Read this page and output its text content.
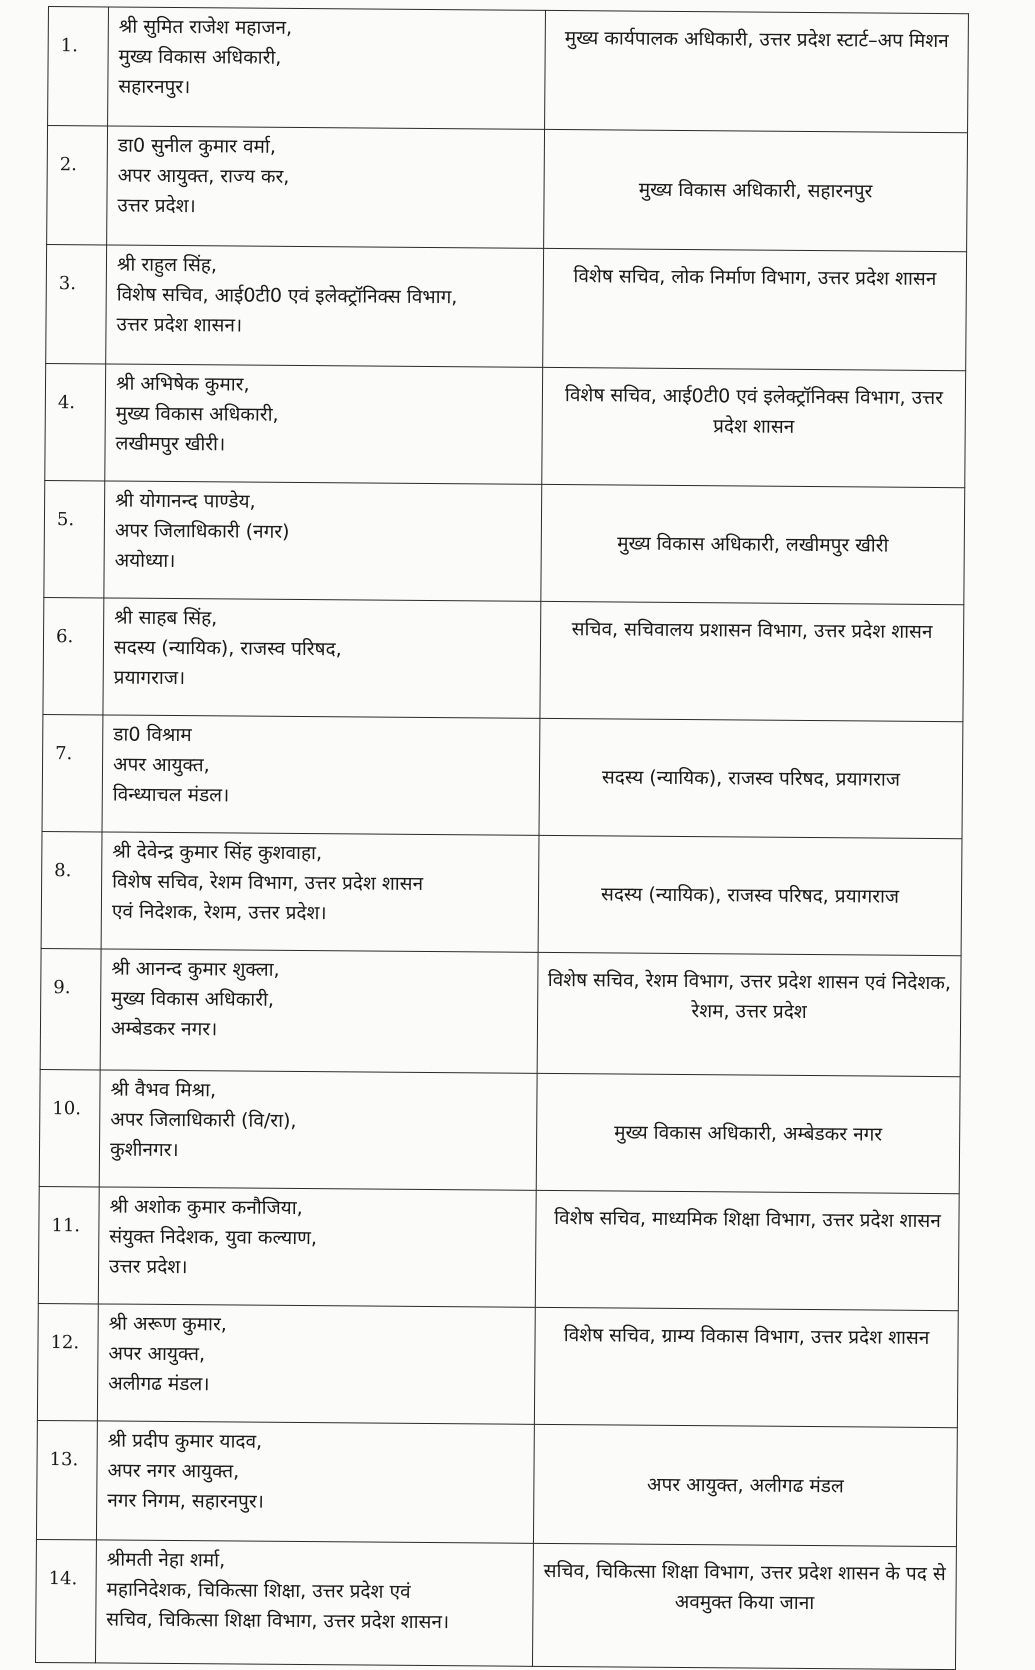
1.	श्री सुमित राजेश महाजन,
मुख्य विकास अधिकारी,
सहारनपुर।	मुख्य कार्यपालक अधिकारी, उत्तर प्रदेश स्टार्ट–अप मिशन
2.	डा0 सुनील कुमार वर्मा,
अपर आयुक्त, राज्य कर,
उत्तर प्रदेश।	मुख्य विकास अधिकारी, सहारनपुर
3.	श्री राहुल सिंह,
विशेष सचिव, आई0टी0 एवं इलेक्ट्रॉनिक्स विभाग,
उत्तर प्रदेश शासन।	विशेष सचिव, लोक निर्माण विभाग, उत्तर प्रदेश शासन
4.	श्री अभिषेक कुमार,
मुख्य विकास अधिकारी,
लखीमपुर खीरी।	विशेष सचिव, आई0टी0 एवं इलेक्ट्रॉनिक्स विभाग, उत्तर प्रदेश शासन
5.	श्री योगानन्द पाण्डेय,
अपर जिलाधिकारी (नगर)
अयोध्या।	मुख्य विकास अधिकारी, लखीमपुर खीरी
6.	श्री साहब सिंह,
सदस्य (न्यायिक), राजस्व परिषद,
प्रयागराज।	सचिव, सचिवालय प्रशासन विभाग, उत्तर प्रदेश शासन
7.	डा0 विश्राम
अपर आयुक्त,
विन्ध्याचल मंडल।	सदस्य (न्यायिक), राजस्व परिषद, प्रयागराज
8.	श्री देवेन्द्र कुमार सिंह कुशवाहा,
विशेष सचिव, रेशम विभाग, उत्तर प्रदेश शासन
एवं निदेशक, रेशम, उत्तर प्रदेश।	सदस्य (न्यायिक), राजस्व परिषद, प्रयागराज
9.	श्री आनन्द कुमार शुक्ला,
मुख्य विकास अधिकारी,
अम्बेडकर नगर।	विशेष सचिव, रेशम विभाग, उत्तर प्रदेश शासन एवं निदेशक, रेशम, उत्तर प्रदेश
10.	श्री वैभव मिश्रा,
अपर जिलाधिकारी (वि/रा),
कुशीनगर।	मुख्य विकास अधिकारी, अम्बेडकर नगर
11.	श्री अशोक कुमार कनौजिया,
संयुक्त निदेशक, युवा कल्याण,
उत्तर प्रदेश।	विशेष सचिव, माध्यमिक शिक्षा विभाग, उत्तर प्रदेश शासन
12.	श्री अरूण कुमार,
अपर आयुक्त,
अलीगढ मंडल।	विशेष सचिव, ग्राम्य विकास विभाग, उत्तर प्रदेश शासन
13.	श्री प्रदीप कुमार यादव,
अपर नगर आयुक्त,
नगर निगम, सहारनपुर।	अपर आयुक्त, अलीगढ मंडल
14.	श्रीमती नेहा शर्मा,
महानिदेशक, चिकित्सा शिक्षा, उत्तर प्रदेश एवं
सचिव, चिकित्सा शिक्षा विभाग, उत्तर प्रदेश शासन।	सचिव, चिकित्सा शिक्षा विभाग, उत्तर प्रदेश शासन के पद से अवमुक्त किया जाना
